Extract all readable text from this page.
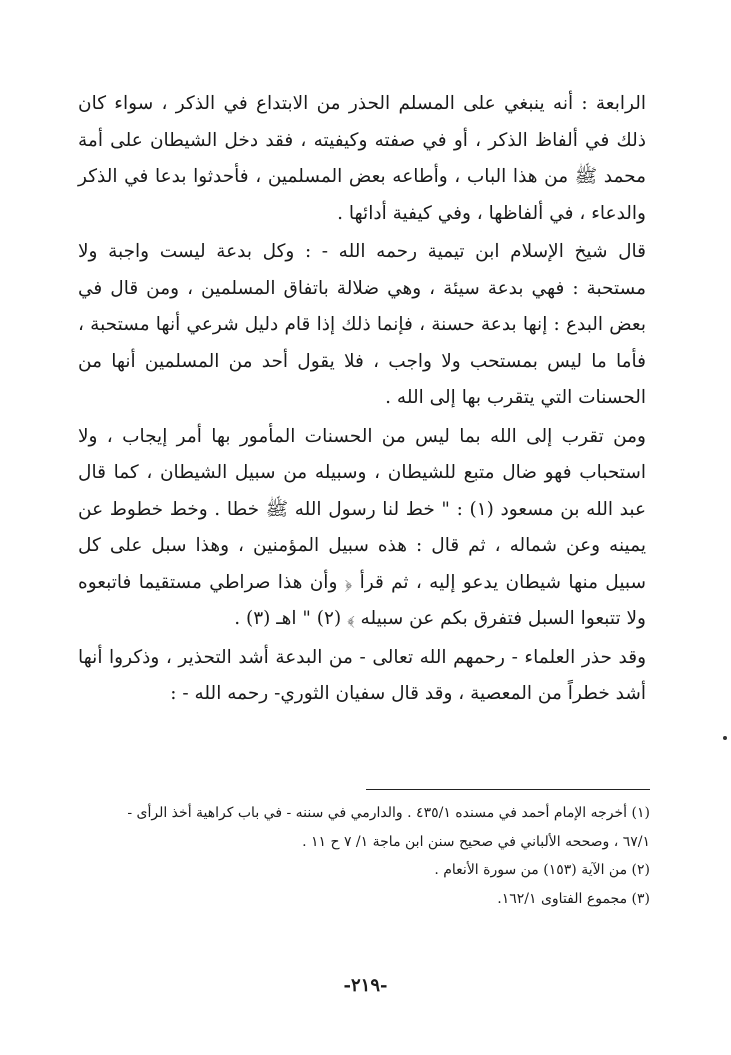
الرابعة : أنه ينبغي على المسلم الحذر من الابتداع في الذكر ، سواء كان ذلك في ألفاظ الذكر ، أو في صفته وكيفيته ، فقد دخل الشيطان على أمة محمد ﷺ من هذا الباب ، وأطاعه بعض المسلمين ، فأحدثوا بدعا في الذكر والدعاء ، في ألفاظها ، وفي كيفية أدائها .

قال شيخ الإسلام ابن تيمية رحمه الله - : وكل بدعة ليست واجبة ولا مستحبة : فهي بدعة سيئة ، وهي ضلالة باتفاق المسلمين ، ومن قال في بعض البدع : إنها بدعة حسنة ، فإنما ذلك إذا قام دليل شرعي أنها مستحبة ، فأما ما ليس بمستحب ولا واجب ، فلا يقول أحد من المسلمين أنها من الحسنات التي يتقرب بها إلى الله .

ومن تقرب إلى الله بما ليس من الحسنات المأمور بها أمر إيجاب ، ولا استحباب فهو ضال متبع للشيطان ، وسبيله من سبيل الشيطان ، كما قال عبد الله بن مسعود (١) : " خط لنا رسول الله ﷺ خطا . وخط خطوط عن يمينه وعن شماله ، ثم قال : هذه سبيل المؤمنين ، وهذا سبل على كل سبيل منها شيطان يدعو إليه ، ثم قرأ ﴿ وأن هذا صراطي مستقيما فاتبعوه ولا تتبعوا السبل فتفرق بكم عن سبيله ﴾ (٢) " اهـ (٣) .

وقد حذر العلماء - رحمهم الله تعالى - من البدعة أشد التحذير ، وذكروا أنها أشد خطراً من المعصية ، وقد قال سفيان الثوري- رحمه الله - :

(١) أخرجه الإمام أحمد في مسنده ٤٣٥/١ . والدارمي في سننه - في باب كراهية أخذ الرأى -

٦٧/١ ، وصححه الألباني في صحيح سنن ابن ماجة ١/ ٧ ح ١١ .

(٢) من الآية (١٥٣) من سورة الأنعام .

(٣) مجموع الفتاوى ١٦٢/١.

-٢١٩-
